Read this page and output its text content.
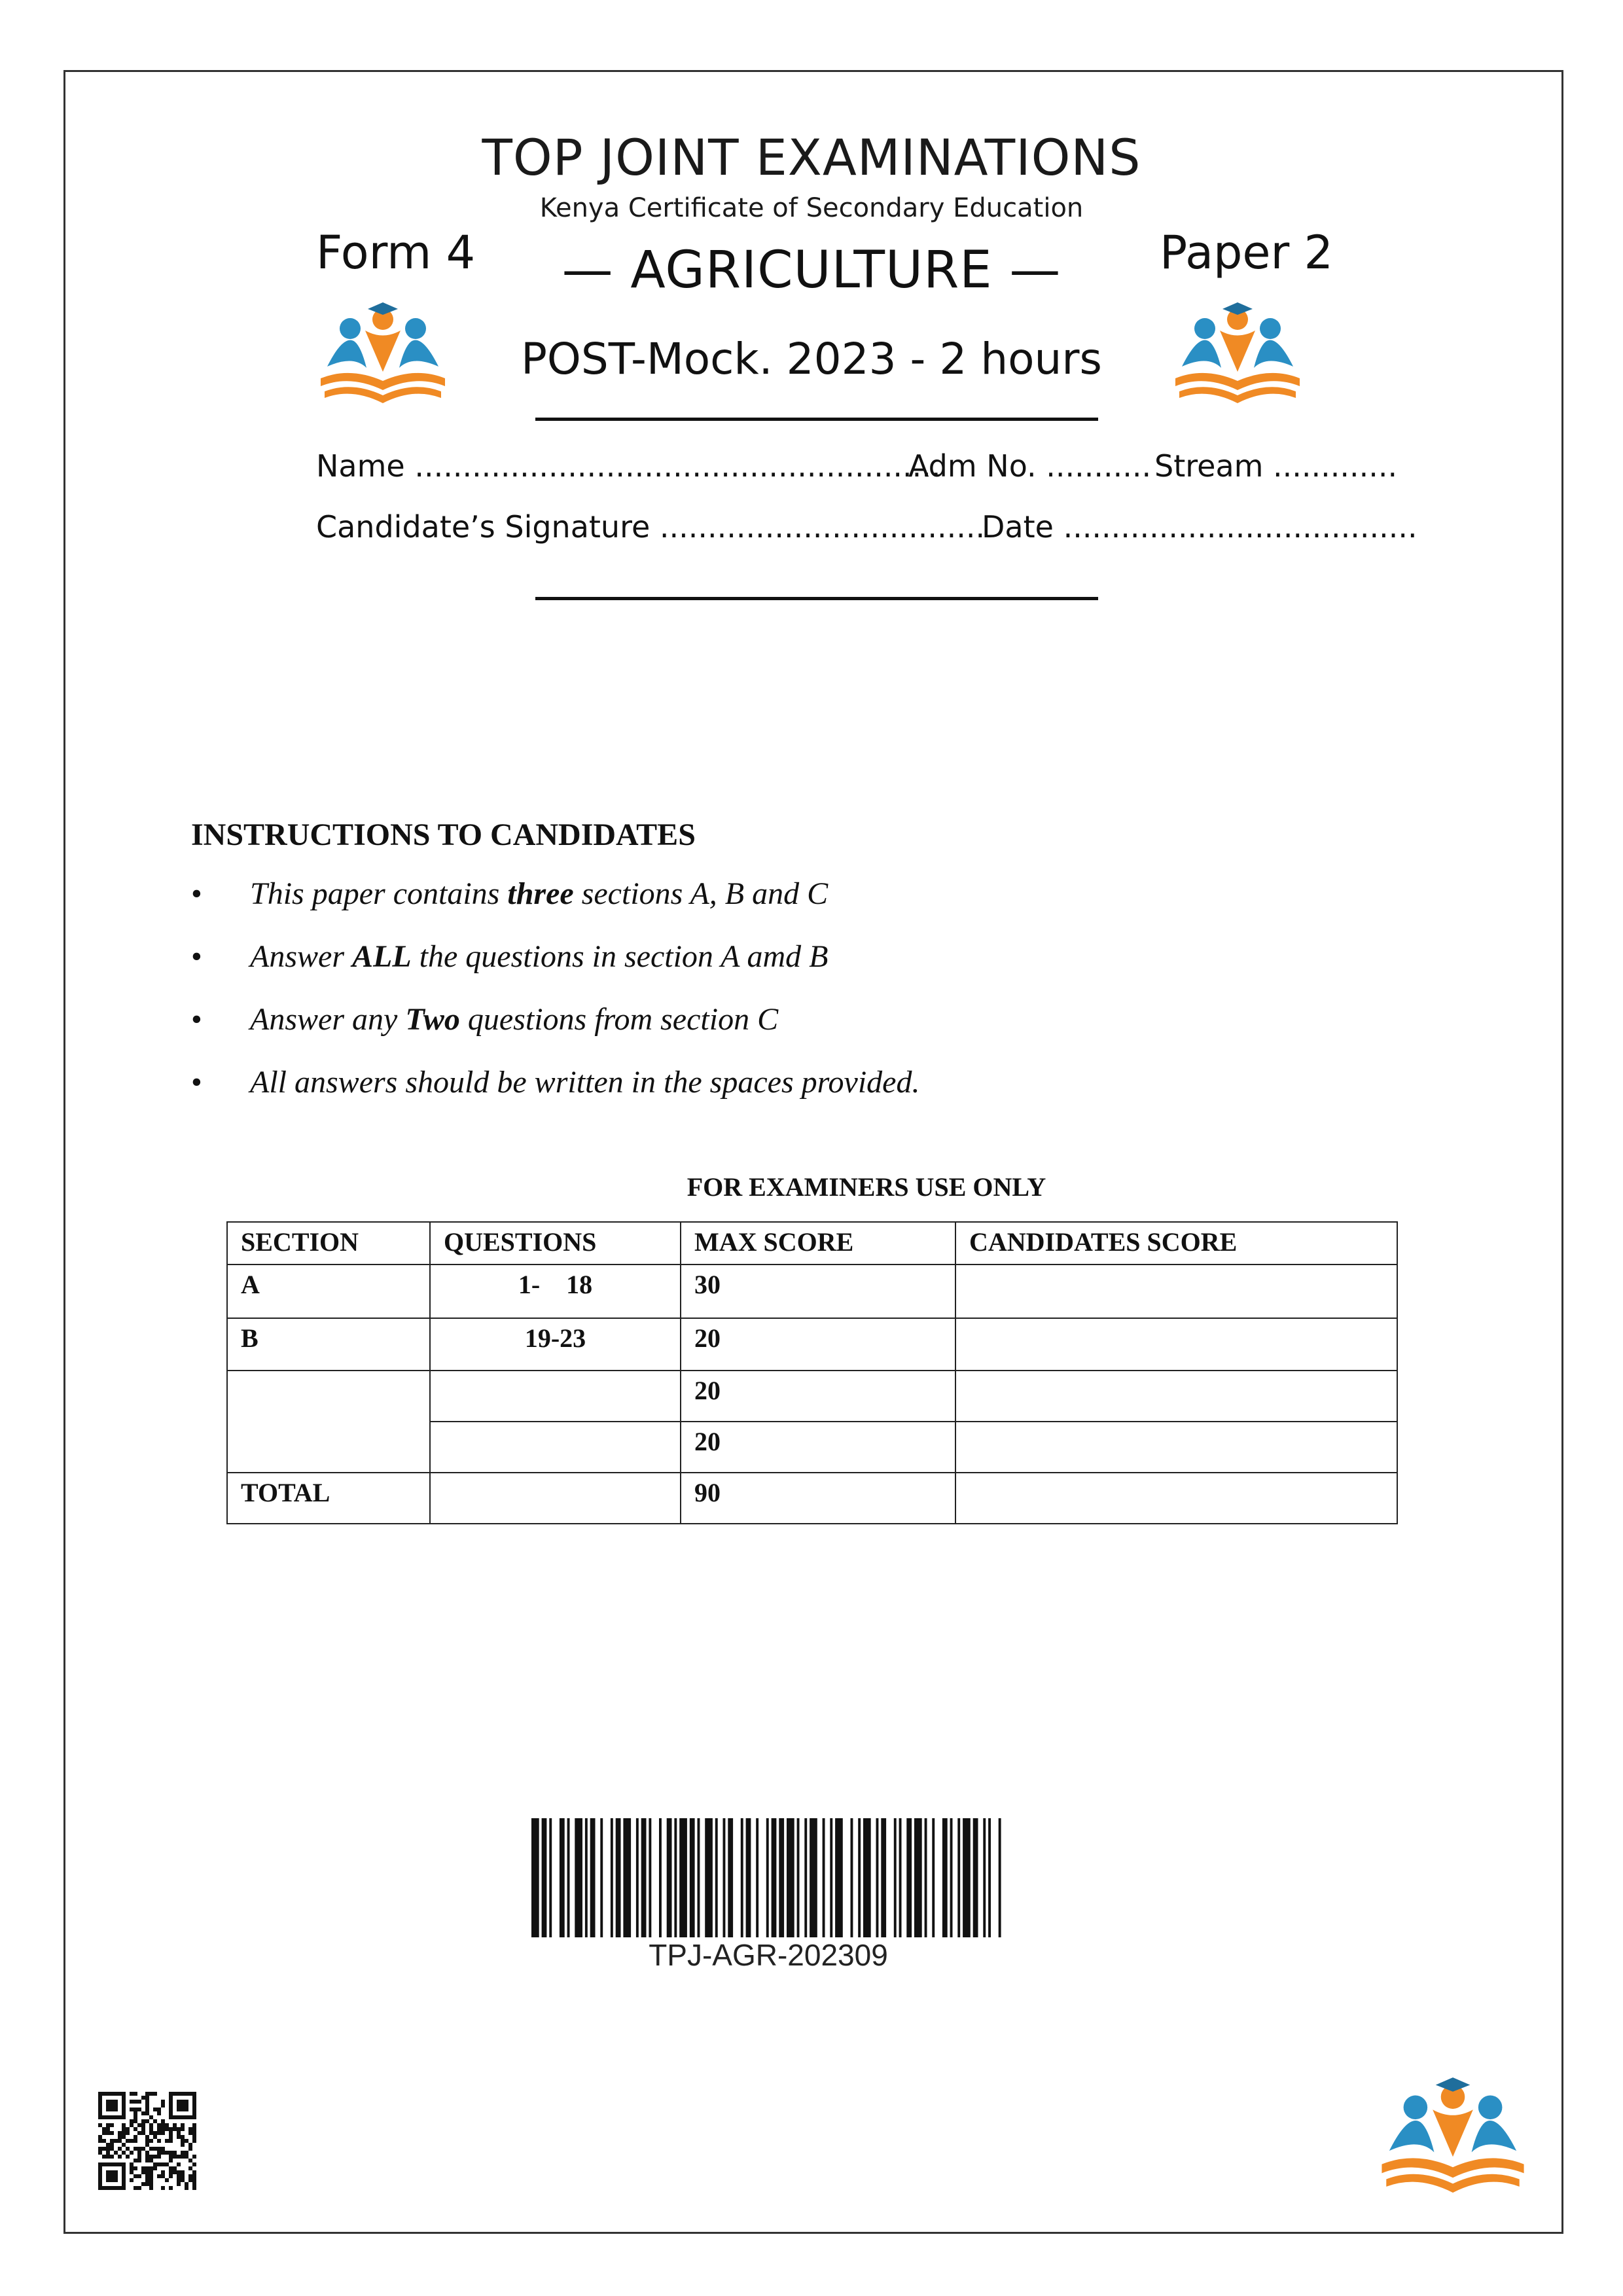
TOP JOINT EXAMINATIONS
Kenya Certificate of Secondary Education
Form 4	Paper 2
— AGRICULTURE —
POST-Mock. 2023 - 2 hours
Name .......................................................
Adm No. ........... Stream .............
Candidate’s Signature ..................................
Date .....................................
INSTRUCTIONS TO CANDIDATES
• This paper contains three sections A, B and C
• Answer ALL the questions in section A amd B
• Answer any Two questions from section C
• All answers should be written in the spaces provided.
FOR EXAMINERS USE ONLY
SECTION	QUESTIONS	MAX SCORE	CANDIDATES SCORE
A	1-    18	30	
B	19-23	20	
		20	
		20	
TOTAL		90	
TPJ-AGR-202309
